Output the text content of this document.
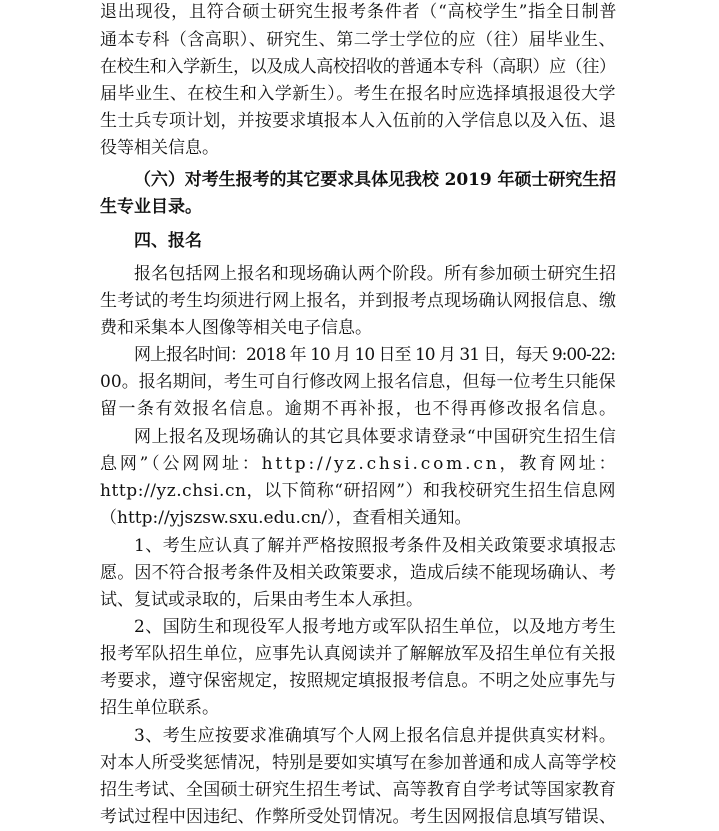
退出现役，且符合硕士研究生报考条件者（“高校学生”指全日制普
通本专科（含高职）、研究生、第二学士学位的应（往）届毕业生、
在校生和入学新生，以及成人高校招收的普通本专科（高职）应（往）
届毕业生、在校生和入学新生）。考生在报名时应选择填报退役大学
生士兵专项计划，并按要求填报本人入伍前的入学信息以及入伍、退
役等相关信息。
（六）对考生报考的其它要求具体见我校 2019 年硕士研究生招
生专业目录。
四、报名
报名包括网上报名和现场确认两个阶段。所有参加硕士研究生招
生考试的考生均须进行网上报名，并到报考点现场确认网报信息、缴
费和采集本人图像等相关电子信息。
网上报名时间：2018 年 10 月 10 日至 10 月 31 日，每天 9:00-22:
00。报名期间，考生可自行修改网上报名信息，但每一位考生只能保
留一条有效报名信息。逾期不再补报，也不得再修改报名信息。
网上报名及现场确认的其它具体要求请登录“中国研究生招生信
息网”（公网网址：http://yz.chsi.com.cn，教育网址：
http://yz.chsi.cn，以下简称“研招网”）和我校研究生招生信息网
（http://yjszsw.sxu.edu.cn/），查看相关通知。
1、考生应认真了解并严格按照报考条件及相关政策要求填报志
愿。因不符合报考条件及相关政策要求，造成后续不能现场确认、考
试、复试或录取的，后果由考生本人承担。
2、国防生和现役军人报考地方或军队招生单位，以及地方考生
报考军队招生单位，应事先认真阅读并了解解放军及招生单位有关报
考要求，遵守保密规定，按照规定填报报考信息。不明之处应事先与
招生单位联系。
3、考生应按要求准确填写个人网上报名信息并提供真实材料。
对本人所受奖惩情况，特别是要如实填写在参加普通和成人高等学校
招生考试、全国硕士研究生招生考试、高等教育自学考试等国家教育
考试过程中因违纪、作弊所受处罚情况。考生因网报信息填写错误、
